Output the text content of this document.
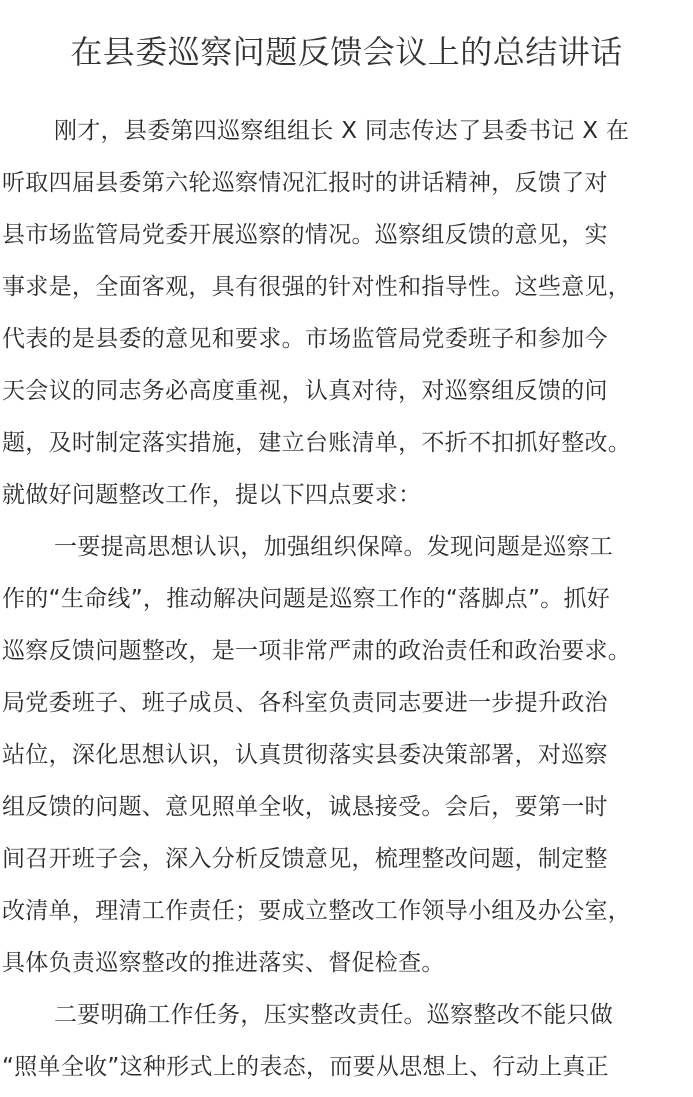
在县委巡察问题反馈会议上的总结讲话

刚才，县委第四巡察组组长 X 同志传达了县委书记 X 在
听取四届县委第六轮巡察情况汇报时的讲话精神，反馈了对
县市场监管局党委开展巡察的情况。巡察组反馈的意见，实
事求是，全面客观，具有很强的针对性和指导性。这些意见，
代表的是县委的意见和要求。市场监管局党委班子和参加今
天会议的同志务必高度重视，认真对待，对巡察组反馈的问
题，及时制定落实措施，建立台账清单，不折不扣抓好整改。
就做好问题整改工作，提以下四点要求：

一要提高思想认识，加强组织保障。发现问题是巡察工
作的“生命线”，推动解决问题是巡察工作的“落脚点”。抓好
巡察反馈问题整改，是一项非常严肃的政治责任和政治要求。
局党委班子、班子成员、各科室负责同志要进一步提升政治
站位，深化思想认识，认真贯彻落实县委决策部署，对巡察
组反馈的问题、意见照单全收，诚恳接受。会后，要第一时
间召开班子会，深入分析反馈意见，梳理整改问题，制定整
改清单，理清工作责任；要成立整改工作领导小组及办公室，
具体负责巡察整改的推进落实、督促检查。

二要明确工作任务，压实整改责任。巡察整改不能只做
“照单全收”这种形式上的表态，而要从思想上、行动上真正
